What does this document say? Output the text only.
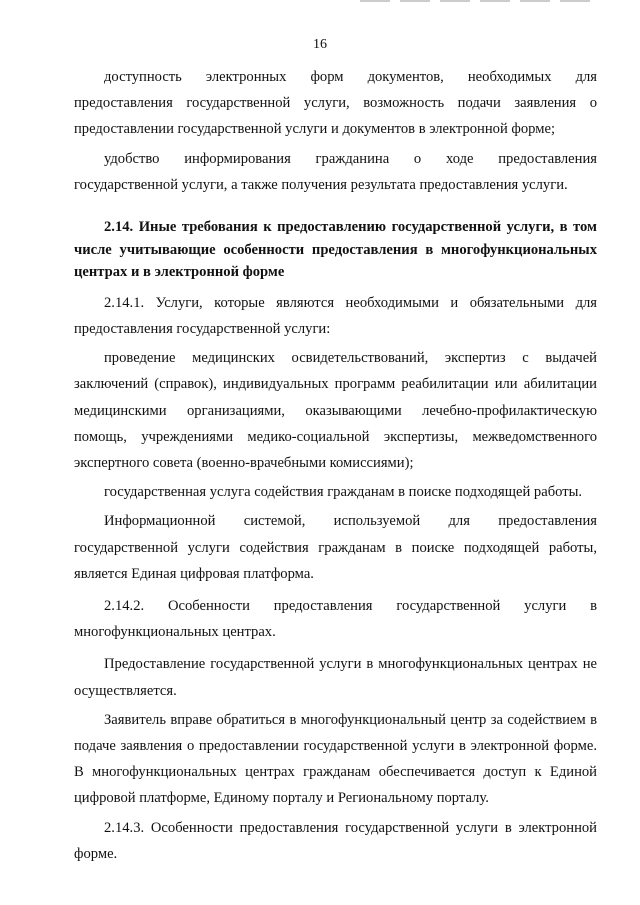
16

доступность электронных форм документов, необходимых для предоставления государственной услуги, возможность подачи заявления о предоставлении государственной услуги и документов в электронной форме;

удобство информирования гражданина о ходе предоставления государственной услуги, а также получения результата предоставления услуги.

2.14. Иные требования к предоставлению государственной услуги, в том числе учитывающие особенности предоставления в многофункциональных центрах и в электронной форме

2.14.1. Услуги, которые являются необходимыми и обязательными для предоставления государственной услуги:

проведение медицинских освидетельствований, экспертиз с выдачей заключений (справок), индивидуальных программ реабилитации или абилитации медицинскими организациями, оказывающими лечебно-профилактическую помощь, учреждениями медико-социальной экспертизы, межведомственного экспертного совета (военно-врачебными комиссиями);

государственная услуга содействия гражданам в поиске подходящей работы.

Информационной системой, используемой для предоставления государственной услуги содействия гражданам в поиске подходящей работы, является Единая цифровая платформа.

2.14.2. Особенности предоставления государственной услуги в многофункциональных центрах.

Предоставление государственной услуги в многофункциональных центрах не осуществляется.

Заявитель вправе обратиться в многофункциональный центр за содействием в подаче заявления о предоставлении государственной услуги в электронной форме. В многофункциональных центрах гражданам обеспечивается доступ к Единой цифровой платформе, Единому порталу и Региональному порталу.

2.14.3. Особенности предоставления государственной услуги в электронной форме.
